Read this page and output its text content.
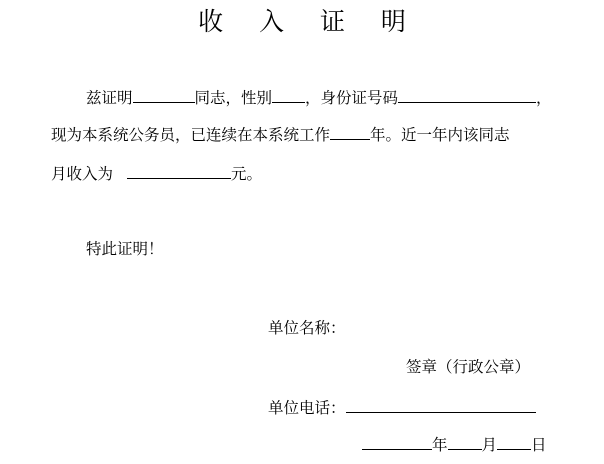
收 入 证 明
兹证明	同志，性别 ，身份证号码	，
现为本系统公务员，已连续在本系统工作	年。近一年内该同志
月收入为	元。
特此证明！
单位名称：
签章（行政公章）
单位电话：
年 月 日
